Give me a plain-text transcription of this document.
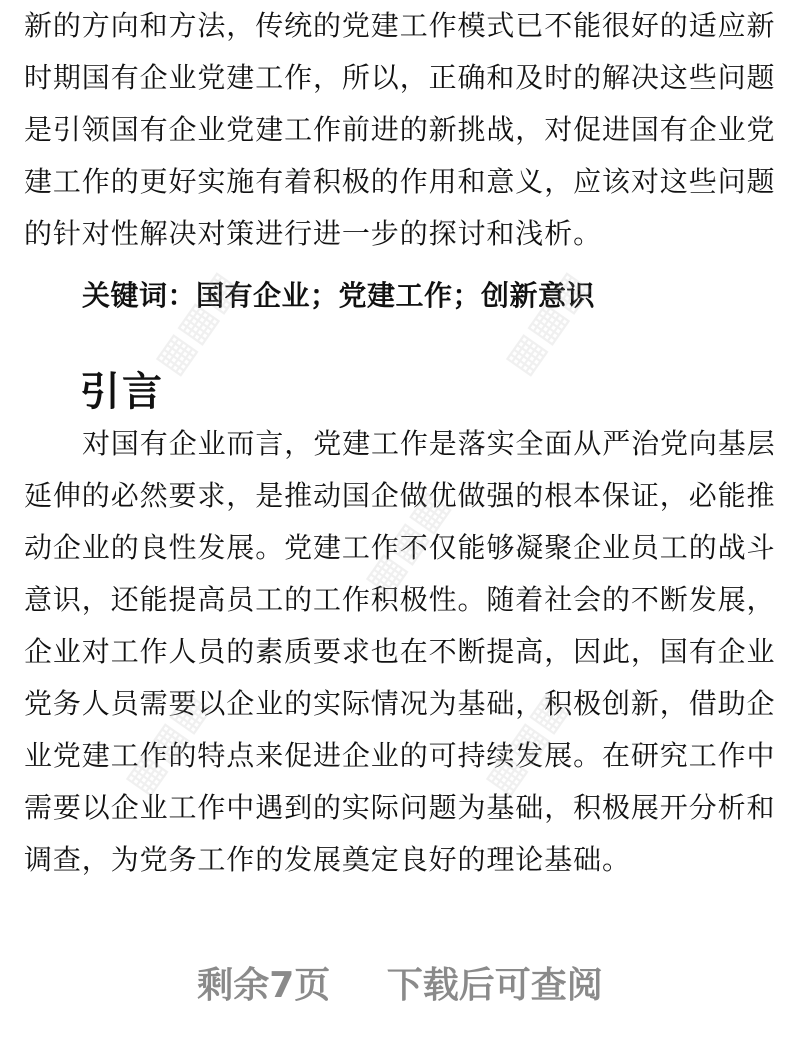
新的方向和方法，传统的党建工作模式已不能很好的适应新
时期国有企业党建工作，所以，正确和及时的解决这些问题
是引领国有企业党建工作前进的新挑战，对促进国有企业党
建工作的更好实施有着积极的作用和意义，应该对这些问题
的针对性解决对策进行进一步的探讨和浅析。
关键词：国有企业；党建工作；创新意识
引言
对国有企业而言，党建工作是落实全面从严治党向基层
延伸的必然要求，是推动国企做优做强的根本保证，必能推
动企业的良性发展。党建工作不仅能够凝聚企业员工的战斗
意识，还能提高员工的工作积极性。随着社会的不断发展，
企业对工作人员的素质要求也在不断提高，因此，国有企业
党务人员需要以企业的实际情况为基础，积极创新，借助企
业党建工作的特点来促进企业的可持续发展。在研究工作中
需要以企业工作中遇到的实际问题为基础，积极展开分析和
调查，为党务工作的发展奠定良好的理论基础。
▦▦▦	▦▦▦
▦▦▦
▦▦▦	▦▦▦
剩余7页 下载后可查阅
